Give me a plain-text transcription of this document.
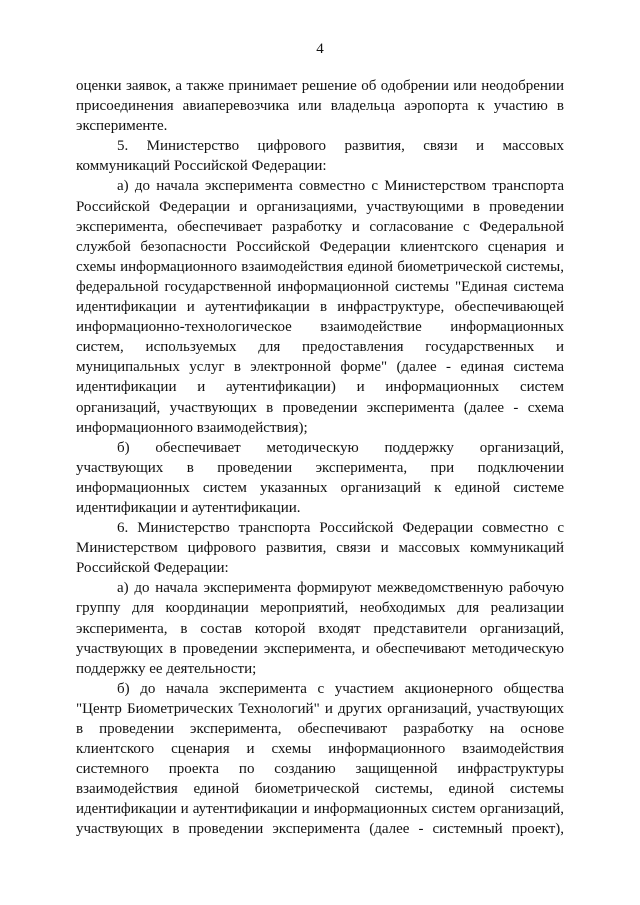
4

оценки заявок, а также принимает решение об одобрении или неодобрении присоединения авиаперевозчика или владельца аэропорта к участию в эксперименте.

5. Министерство цифрового развития, связи и массовых коммуникаций Российской Федерации:

а) до начала эксперимента совместно с Министерством транспорта Российской Федерации и организациями, участвующими в проведении эксперимента, обеспечивает разработку и согласование с Федеральной службой безопасности Российской Федерации клиентского сценария и схемы информационного взаимодействия единой биометрической системы, федеральной государственной информационной системы "Единая система идентификации и аутентификации в инфраструктуре, обеспечивающей информационно-технологическое взаимодействие информационных систем, используемых для предоставления государственных и муниципальных услуг в электронной форме" (далее - единая система идентификации и аутентификации) и информационных систем организаций, участвующих в проведении эксперимента (далее - схема информационного взаимодействия);

б) обеспечивает методическую поддержку организаций, участвующих в проведении эксперимента, при подключении информационных систем указанных организаций к единой системе идентификации и аутентификации.

6. Министерство транспорта Российской Федерации совместно с Министерством цифрового развития, связи и массовых коммуникаций Российской Федерации:

а) до начала эксперимента формируют межведомственную рабочую группу для координации мероприятий, необходимых для реализации эксперимента, в состав которой входят представители организаций, участвующих в проведении эксперимента, и обеспечивают методическую поддержку ее деятельности;

б) до начала эксперимента с участием акционерного общества "Центр Биометрических Технологий" и других организаций, участвующих в проведении эксперимента, обеспечивают разработку на основе клиентского сценария и схемы информационного взаимодействия системного проекта по созданию защищенной инфраструктуры взаимодействия единой биометрической системы, единой системы идентификации и аутентификации и информационных систем организаций, участвующих в проведении эксперимента (далее - системный проект),
